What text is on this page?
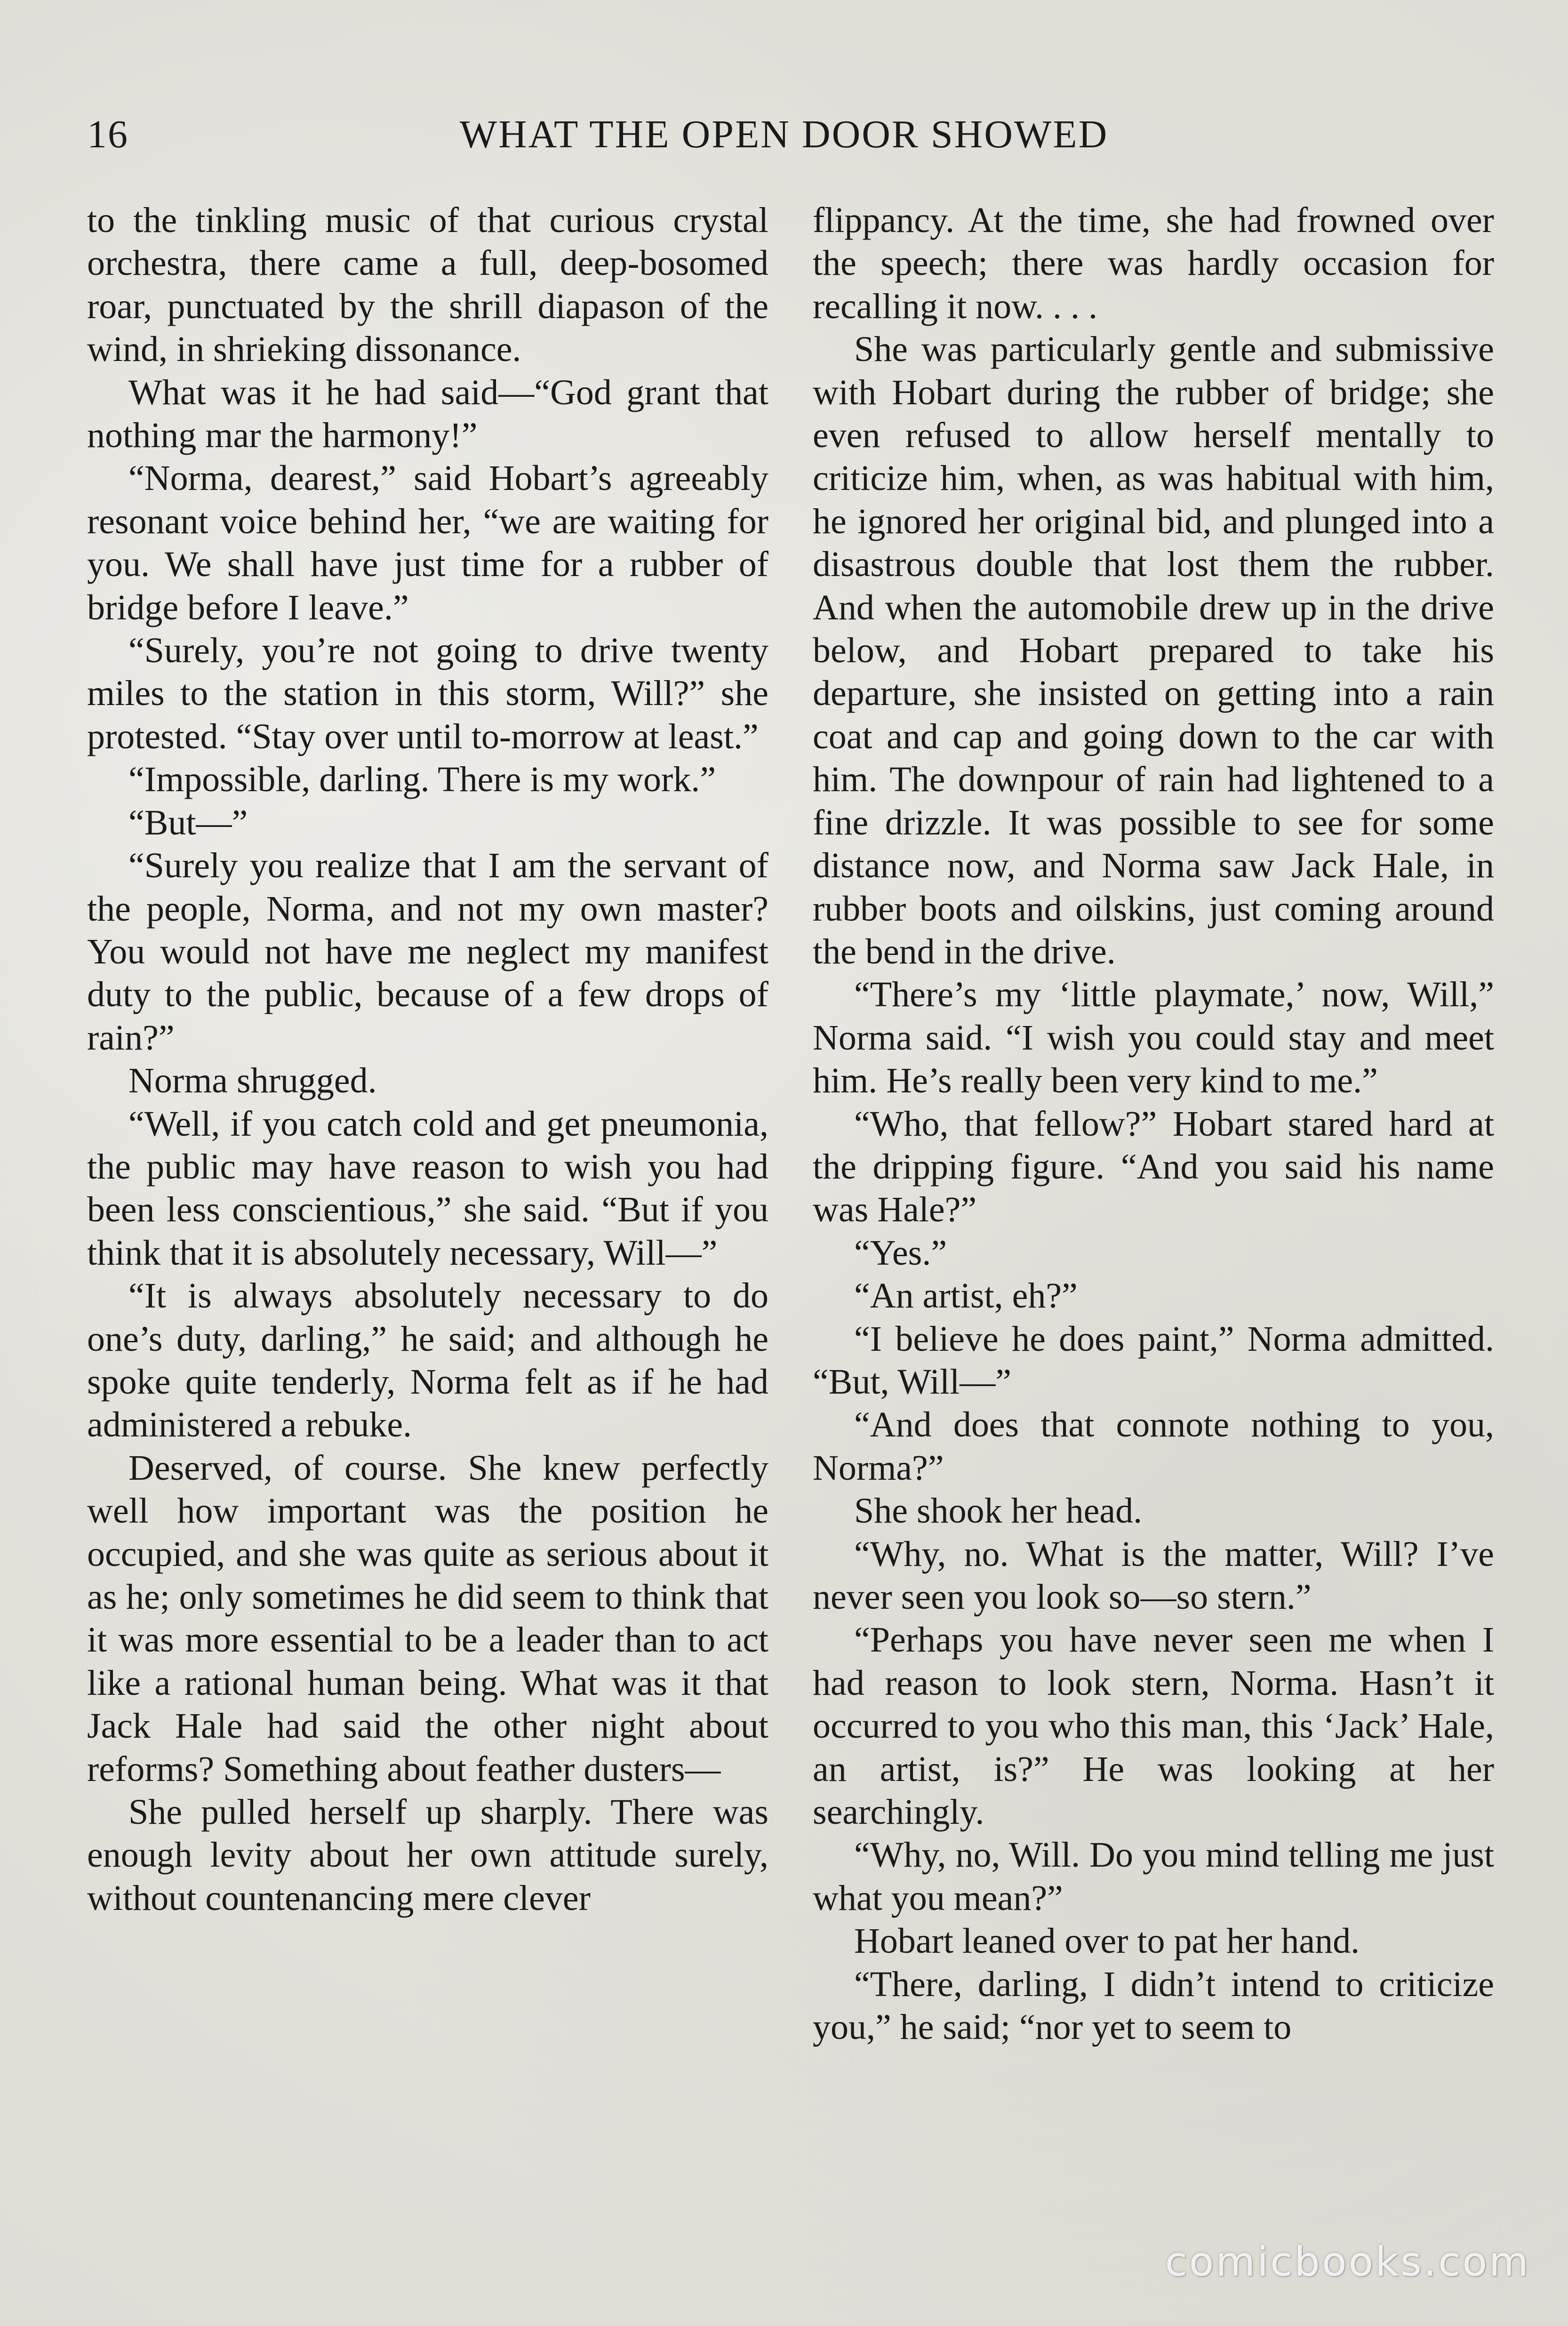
16	WHAT THE OPEN DOOR SHOWED

to the tinkling music of that curious crystal orchestra, there came a full, deep-bosomed roar, punctuated by the shrill diapason of the wind, in shrieking dissonance.

What was it he had said—“God grant that nothing mar the harmony!”

“Norma, dearest,” said Hobart’s agreeably resonant voice behind her, “we are waiting for you. We shall have just time for a rubber of bridge before I leave.”

“Surely, you’re not going to drive twenty miles to the station in this storm, Will?” she protested. “Stay over until to-morrow at least.”

“Impossible, darling. There is my work.”

“But—”

“Surely you realize that I am the servant of the people, Norma, and not my own master? You would not have me neglect my manifest duty to the public, because of a few drops of rain?”

Norma shrugged.

“Well, if you catch cold and get pneumonia, the public may have reason to wish you had been less conscientious,” she said. “But if you think that it is absolutely necessary, Will—”

“It is always absolutely necessary to do one’s duty, darling,” he said; and although he spoke quite tenderly, Norma felt as if he had administered a rebuke.

Deserved, of course. She knew perfectly well how important was the position he occupied, and she was quite as serious about it as he; only sometimes he did seem to think that it was more essential to be a leader than to act like a rational human being. What was it that Jack Hale had said the other night about reforms? Something about feather dusters—

She pulled herself up sharply. There was enough levity about her own attitude surely, without countenancing mere clever

flippancy. At the time, she had frowned over the speech; there was hardly occasion for recalling it now. . . .

She was particularly gentle and submissive with Hobart during the rubber of bridge; she even refused to allow herself mentally to criticize him, when, as was habitual with him, he ignored her original bid, and plunged into a disastrous double that lost them the rubber. And when the automobile drew up in the drive below, and Hobart prepared to take his departure, she insisted on getting into a rain coat and cap and going down to the car with him. The downpour of rain had lightened to a fine drizzle. It was possible to see for some distance now, and Norma saw Jack Hale, in rubber boots and oilskins, just coming around the bend in the drive.

“There’s my ‘little playmate,’ now, Will,” Norma said. “I wish you could stay and meet him. He’s really been very kind to me.”

“Who, that fellow?” Hobart stared hard at the dripping figure. “And you said his name was Hale?”

“Yes.”

“An artist, eh?”

“I believe he does paint,” Norma admitted. “But, Will—”

“And does that connote nothing to you, Norma?”

She shook her head.

“Why, no. What is the matter, Will? I’ve never seen you look so—so stern.”

“Perhaps you have never seen me when I had reason to look stern, Norma. Hasn’t it occurred to you who this man, this ‘Jack’ Hale, an artist, is?” He was looking at her searchingly.

“Why, no, Will. Do you mind telling me just what you mean?”

Hobart leaned over to pat her hand.

“There, darling, I didn’t intend to criticize you,” he said; “nor yet to seem to

comicbooks.com
